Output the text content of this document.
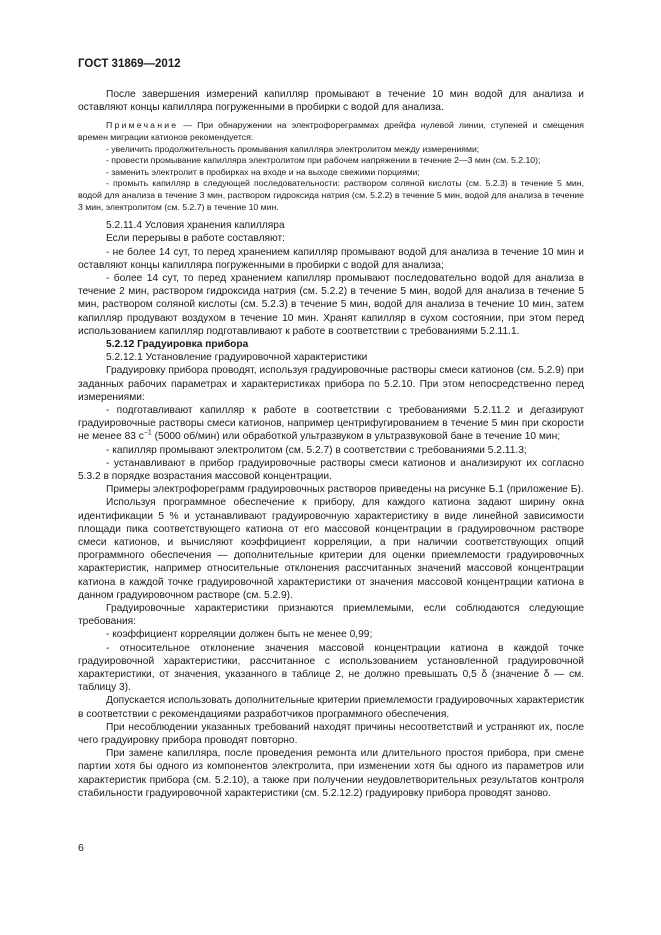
ГОСТ 31869—2012

После завершения измерений капилляр промывают в течение 10 мин водой для анализа и оставляют концы капилляра погруженными в пробирки с водой для анализа.

Примечание — При обнаружении на электрофореграммах дрейфа нулевой линии, ступеней и смещения времен миграции катионов рекомендуется:

- увеличить продолжительность промывания капилляра электролитом между измерениями;

- провести промывание капилляра электролитом при рабочем напряжении в течение 2—3 мин (см. 5.2.10);

- заменить электролит в пробирках на входе и на выходе свежими порциями;

- промыть капилляр в следующей последовательности: раствором соляной кислоты (см. 5.2.3) в течение 5 мин, водой для анализа в течение 3 мин, раствором гидроксида натрия (см. 5.2.2) в течение 5 мин, водой для анализа в течение 3 мин, электролитом (см. 5.2.7) в течение 10 мин.

5.2.11.4 Условия хранения капилляра

Если перерывы в работе составляют:

- не более 14 сут, то перед хранением капилляр промывают водой для анализа в течение 10 мин и оставляют концы капилляра погруженными в пробирки с водой для анализа;

- более 14 сут, то перед хранением капилляр промывают последовательно водой для анализа в течение 2 мин, раствором гидроксида натрия (см. 5.2.2) в течение 5 мин, водой для анализа в течение 5 мин, раствором соляной кислоты (см. 5.2.3) в течение 5 мин, водой для анализа в течение 10 мин, затем капилляр продувают воздухом в течение 10 мин. Хранят капилляр в сухом состоянии, при этом перед использованием капилляр подготавливают к работе в соответствии с требованиями 5.2.11.1.

5.2.12 Градуировка прибора

5.2.12.1 Установление градуировочной характеристики

Градуировку прибора проводят, используя градуировочные растворы смеси катионов (см. 5.2.9) при заданных рабочих параметрах и характеристиках прибора по 5.2.10. При этом непосредственно перед измерениями:

- подготавливают капилляр к работе в соответствии с требованиями 5.2.11.2 и дегазируют градуировочные растворы смеси катионов, например центрифугированием в течение 5 мин при скорости не менее 83 $с^{-1}$ (5000 об/мин) или обработкой ультразвуком в ультразвуковой бане в течение 10 мин;

- капилляр промывают электролитом (см. 5.2.7) в соответствии с требованиями 5.2.11.3;

- устанавливают в прибор градуировочные растворы смеси катионов и анализируют их согласно 5.3.2 в порядке возрастания массовой концентрации.

Примеры электрофореграмм градуировочных растворов приведены на рисунке Б.1 (приложение Б).

Используя программное обеспечение к прибору, для каждого катиона задают ширину окна идентификации 5 % и устанавливают градуировочную характеристику в виде линейной зависимости площади пика соответствующего катиона от его массовой концентрации в градуировочном растворе смеси катионов, и вычисляют коэффициент корреляции, а при наличии соответствующих опций программного обеспечения — дополнительные критерии для оценки приемлемости градуировочных характеристик, например относительные отклонения рассчитанных значений массовой концентрации катиона в каждой точке градуировочной характеристики от значения массовой концентрации катиона в данном градуировочном растворе (см. 5.2.9).

Градуировочные характеристики признаются приемлемыми, если соблюдаются следующие требования:

- коэффициент корреляции должен быть не менее 0,99;

- относительное отклонение значения массовой концентрации катиона в каждой точке градуировочной характеристики, рассчитанное с использованием установленной градуировочной характеристики, от значения, указанного в таблице 2, не должно превышать 0,5 δ (значение δ — см. таблицу 3).

Допускается использовать дополнительные критерии приемлемости градуировочных характеристик в соответствии с рекомендациями разработчиков программного обеспечения.

При несоблюдении указанных требований находят причины несоответствий и устраняют их, после чего градуировку прибора проводят повторно.

При замене капилляра, после проведения ремонта или длительного простоя прибора, при смене партии хотя бы одного из компонентов электролита, при изменении хотя бы одного из параметров или характеристик прибора (см. 5.2.10), а также при получении неудовлетворительных результатов контроля стабильности градуировочной характеристики (см. 5.2.12.2) градуировку прибора проводят заново.

6
